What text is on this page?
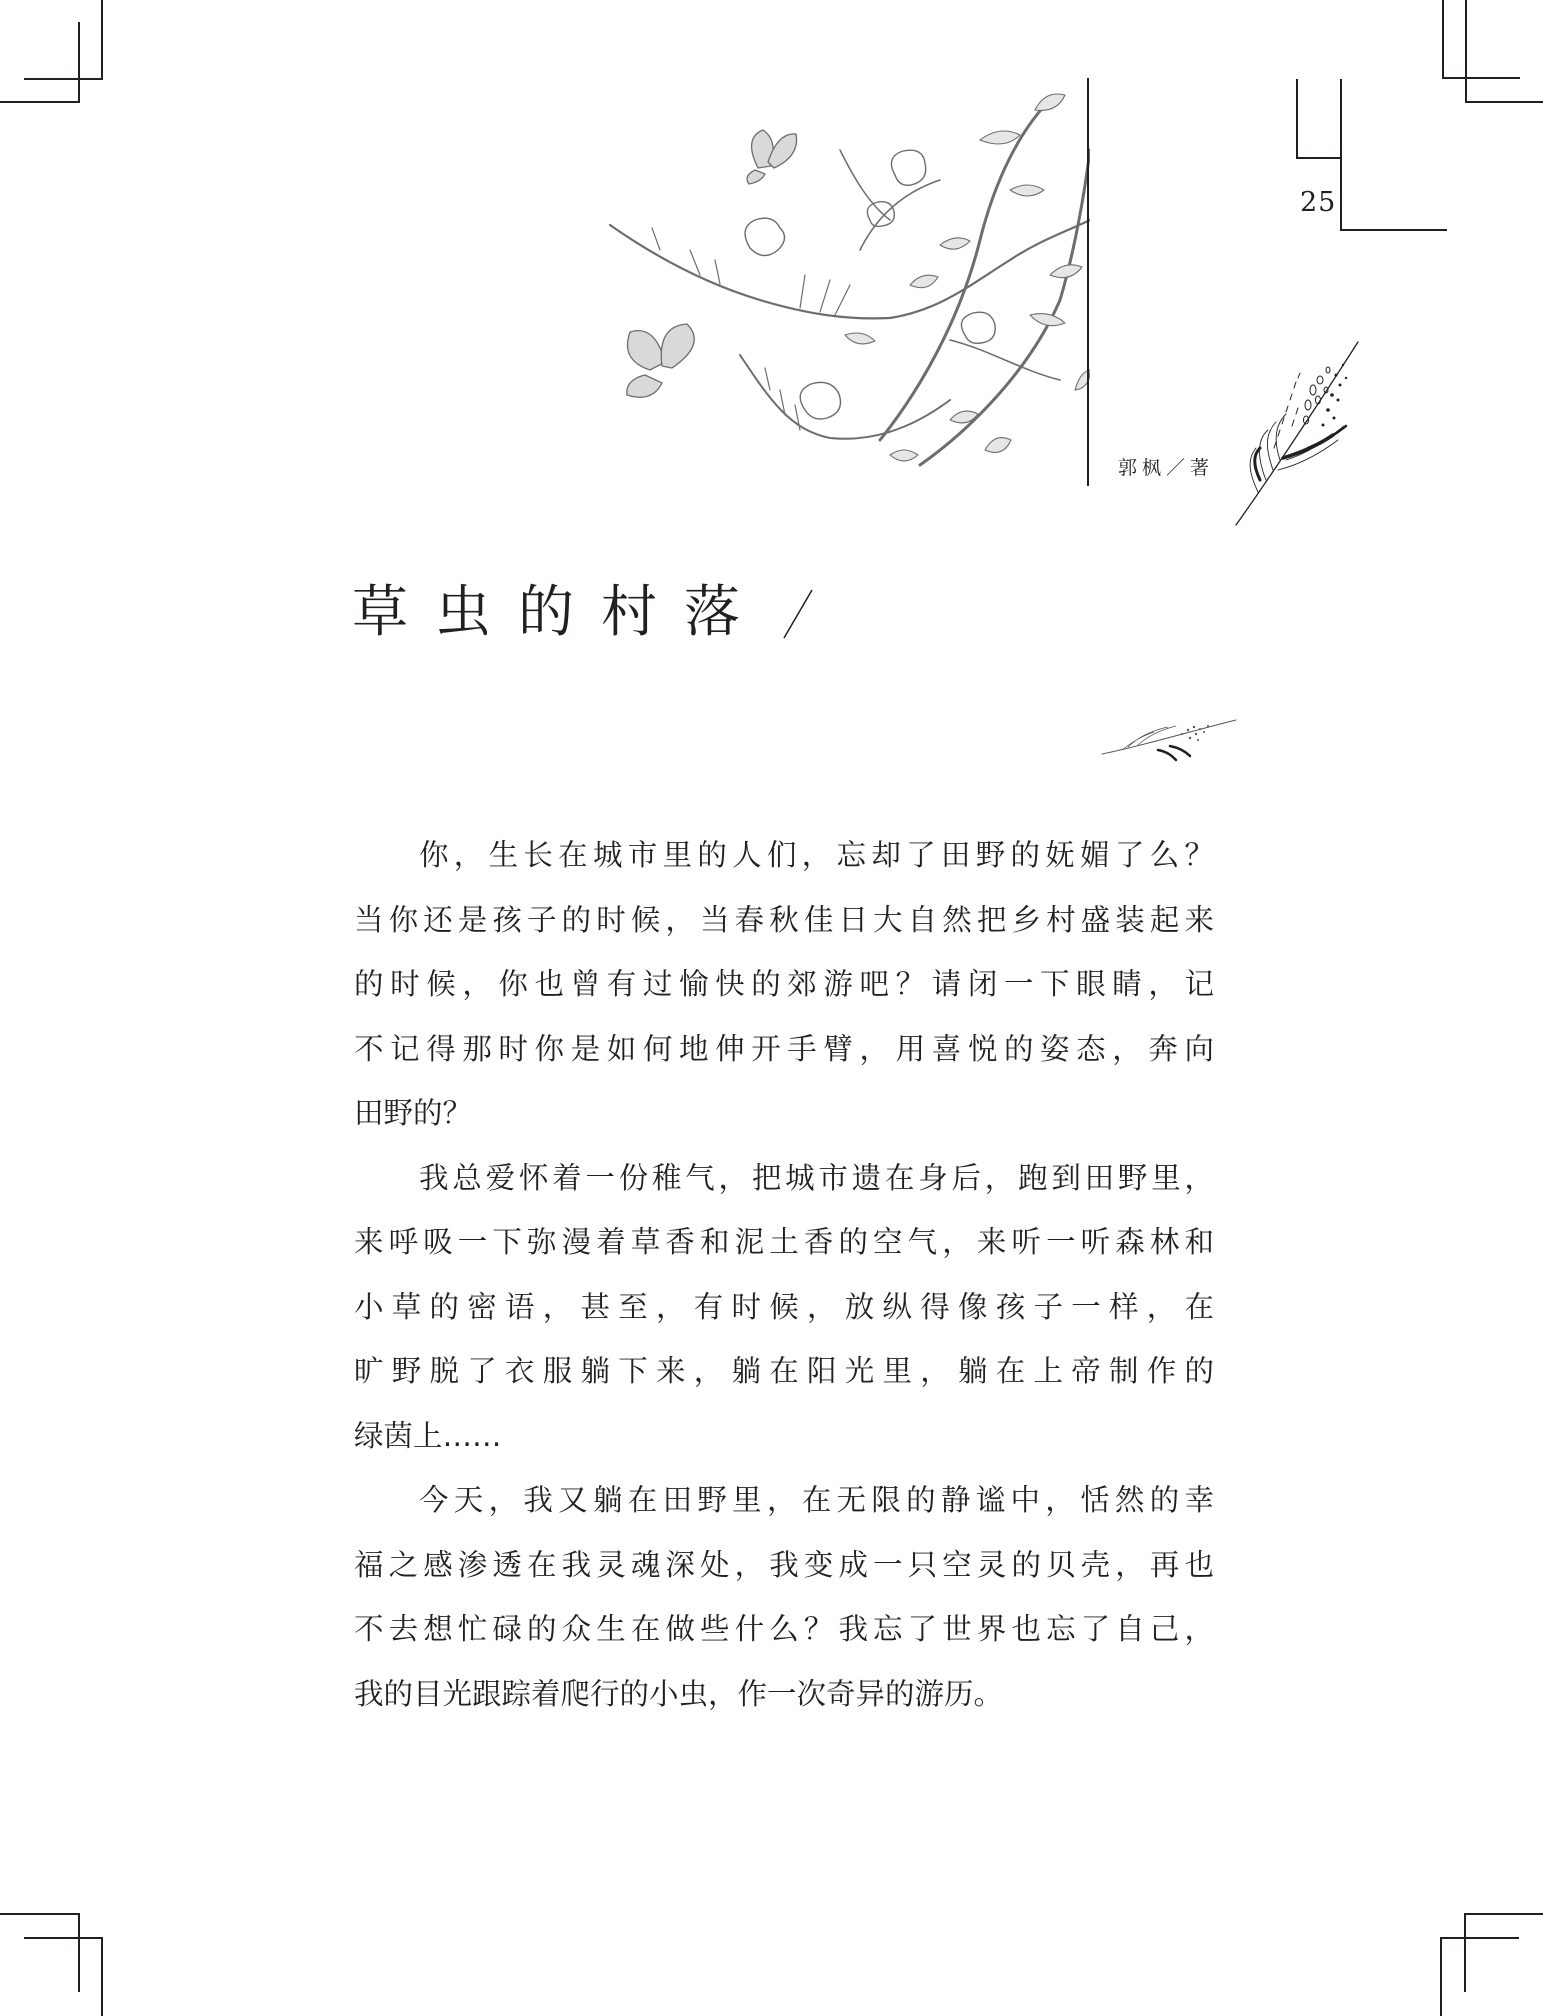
25
郭枫／著
草虫的村落
你，生长在城市里的人们，忘却了田野的妩媚了么？
当你还是孩子的时候，当春秋佳日大自然把乡村盛装起来
的时候，你也曾有过愉快的郊游吧？请闭一下眼睛，记
不记得那时你是如何地伸开手臂，用喜悦的姿态，奔向
田野的？
我总爱怀着一份稚气，把城市遗在身后，跑到田野里，
来呼吸一下弥漫着草香和泥土香的空气，来听一听森林和
小草的密语，甚至，有时候，放纵得像孩子一样，在
旷野脱了衣服躺下来，躺在阳光里，躺在上帝制作的
绿茵上……
今天，我又躺在田野里，在无限的静谧中，恬然的幸
福之感渗透在我灵魂深处，我变成一只空灵的贝壳，再也
不去想忙碌的众生在做些什么？我忘了世界也忘了自己，
我的目光跟踪着爬行的小虫，作一次奇异的游历。
